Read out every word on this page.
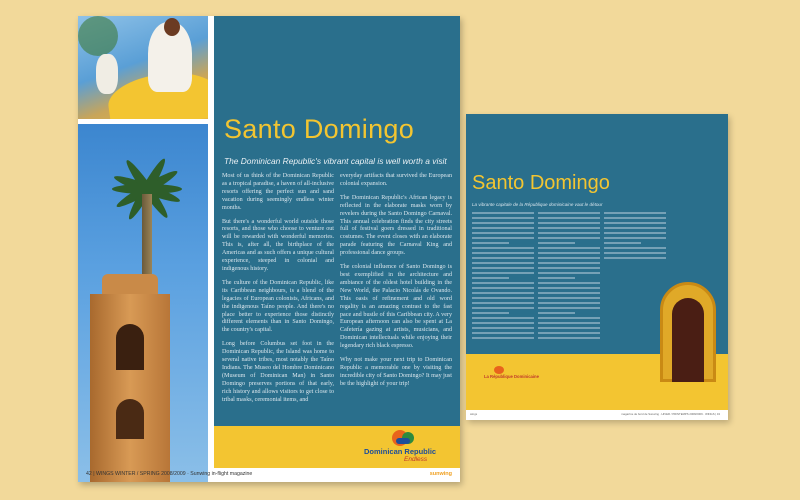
Santo Domingo
The Dominican Republic's vibrant capital is well worth a visit

Most of us think of the Dominican Republic as a tropical paradise, a haven of all-inclusive resorts offering the perfect sun and sand vacation during seemingly endless winter months.

But there's a wonderful world outside those resorts, and those who choose to venture out will be rewarded with wonderful memories. This is, after all, the birthplace of the Americas and as such offers a unique cultural experience, steeped in colonial and indigenous history.

The culture of the Dominican Republic, like its Caribbean neighbours, is a blend of the legacies of European colonists, Africans, and the indigenous Taíno people. And there's no place better to experience those distinctly different elements than in Santo Domingo, the country's capital.

Long before Columbus set foot in the Dominican Republic, the Island was home to several native tribes, most notably the Taíno Indians. The Museo del Hombre Dominicano (Museum of Dominican Man) in Santo Domingo preserves portions of that early, rich history and allows visitors to get close to tribal masks, ceremonial items, and

everyday artifacts that survived the European colonial expansion.

The Dominican Republic's African legacy is reflected in the elaborate masks worn by revelers during the Santo Domingo Carnaval. This annual celebration finds the city streets full of festival goers dressed in traditional costumes. The event closes with an elaborate parade featuring the Carnaval King and professional dance groups.

The colonial influence of Santo Domingo is best exemplified in the architecture and ambiance of the oldest hotel building in the New World, the Palacio Nicolás de Ovando. This oasis of refinement and old word regality is an amazing contrast to the fast pace and bustle of this Caribbean city. A very European afternoon can also be spent at La Cafetería gazing at artists, musicians, and Dominican intellectuals while enjoying their legendary rich black espresso.

Why not make your next trip to Dominican Republic a memorable one by visiting the incredible city of Santo Domingo? It may just be the highlight of your trip!

Dominican Republic
Endless
42 | WINGS WINTER / SPRING 2008/2009 · Sunwing in-flight magazine	sunwing
Santo Domingo
La vibrante capitale de la République dominicaine vaut le détour
La République Dominicaine
wings	magazine de bord de Sunwing · HIVER / PRINTEMPS 2008/2009 · WINGS | 43
